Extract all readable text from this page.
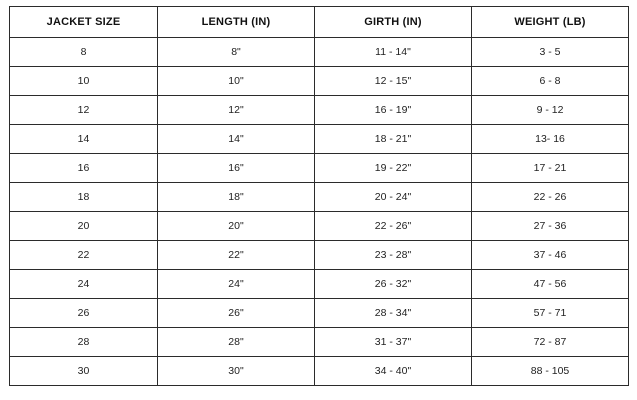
JACKET SIZE	LENGTH (IN)	GIRTH (IN)	WEIGHT (LB)
8	8"	11 - 14"	3 - 5
10	10"	12 - 15"	6 - 8
12	12"	16 - 19"	9 - 12
14	14"	18 - 21"	13- 16
16	16"	19 - 22"	17 - 21
18	18"	20 - 24"	22 - 26
20	20"	22 - 26"	27 - 36
22	22"	23 - 28"	37 - 46
24	24"	26 - 32"	47 - 56
26	26"	28 - 34"	57 - 71
28	28"	31 - 37"	72 - 87
30	30"	34 - 40"	88 - 105
